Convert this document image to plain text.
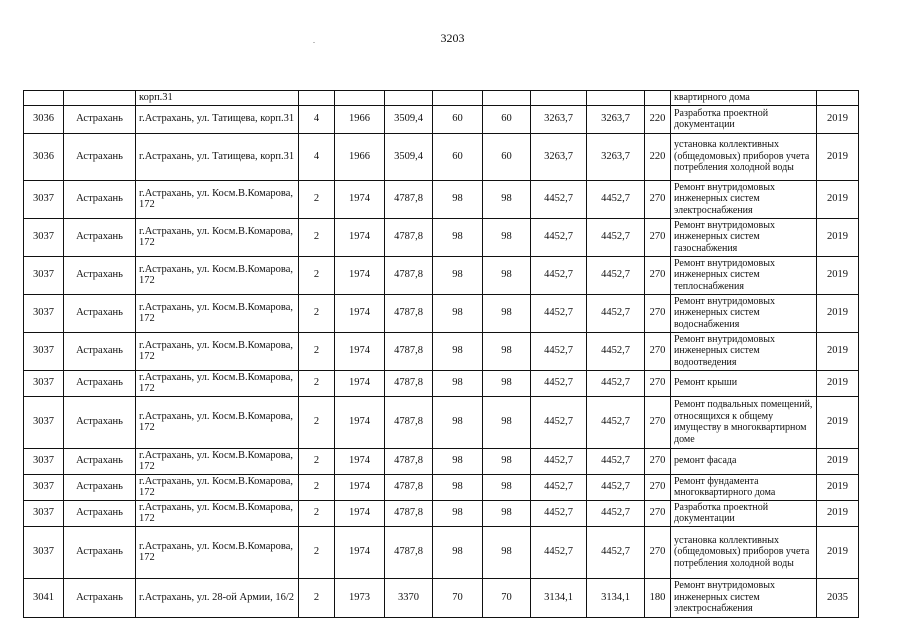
3203
.
		корп.31									квартирного дома	
3036	Астрахань	г.Астрахань, ул. Татищева, корп.31	4	1966	3509,4	60	60	3263,7	3263,7	220	Разработка проектной документации	2019
3036	Астрахань	г.Астрахань, ул. Татищева, корп.31	4	1966	3509,4	60	60	3263,7	3263,7	220	установка коллективных (общедомовых) приборов учета потребления холодной воды	2019
3037	Астрахань	г.Астрахань, ул. Косм.В.Комарова, 172	2	1974	4787,8	98	98	4452,7	4452,7	270	Ремонт внутридомовых инженерных систем электроснабжения	2019
3037	Астрахань	г.Астрахань, ул. Косм.В.Комарова, 172	2	1974	4787,8	98	98	4452,7	4452,7	270	Ремонт внутридомовых инженерных систем газоснабжения	2019
3037	Астрахань	г.Астрахань, ул. Косм.В.Комарова, 172	2	1974	4787,8	98	98	4452,7	4452,7	270	Ремонт внутридомовых инженерных систем теплоснабжения	2019
3037	Астрахань	г.Астрахань, ул. Косм.В.Комарова, 172	2	1974	4787,8	98	98	4452,7	4452,7	270	Ремонт внутридомовых инженерных систем водоснабжения	2019
3037	Астрахань	г.Астрахань, ул. Косм.В.Комарова, 172	2	1974	4787,8	98	98	4452,7	4452,7	270	Ремонт внутридомовых инженерных систем водоотведения	2019
3037	Астрахань	г.Астрахань, ул. Косм.В.Комарова, 172	2	1974	4787,8	98	98	4452,7	4452,7	270	Ремонт крыши	2019
3037	Астрахань	г.Астрахань, ул. Косм.В.Комарова, 172	2	1974	4787,8	98	98	4452,7	4452,7	270	Ремонт подвальных помещений, относящихся к общему имуществу в многоквартирном доме	2019
3037	Астрахань	г.Астрахань, ул. Косм.В.Комарова, 172	2	1974	4787,8	98	98	4452,7	4452,7	270	ремонт фасада	2019
3037	Астрахань	г.Астрахань, ул. Косм.В.Комарова, 172	2	1974	4787,8	98	98	4452,7	4452,7	270	Ремонт фундамента многоквартирного дома	2019
3037	Астрахань	г.Астрахань, ул. Косм.В.Комарова, 172	2	1974	4787,8	98	98	4452,7	4452,7	270	Разработка проектной документации	2019
3037	Астрахань	г.Астрахань, ул. Косм.В.Комарова, 172	2	1974	4787,8	98	98	4452,7	4452,7	270	установка коллективных (общедомовых) приборов учета потребления холодной воды	2019
3041	Астрахань	г.Астрахань, ул. 28-ой Армии, 16/2	2	1973	3370	70	70	3134,1	3134,1	180	Ремонт внутридомовых инженерных систем электроснабжения	2035
